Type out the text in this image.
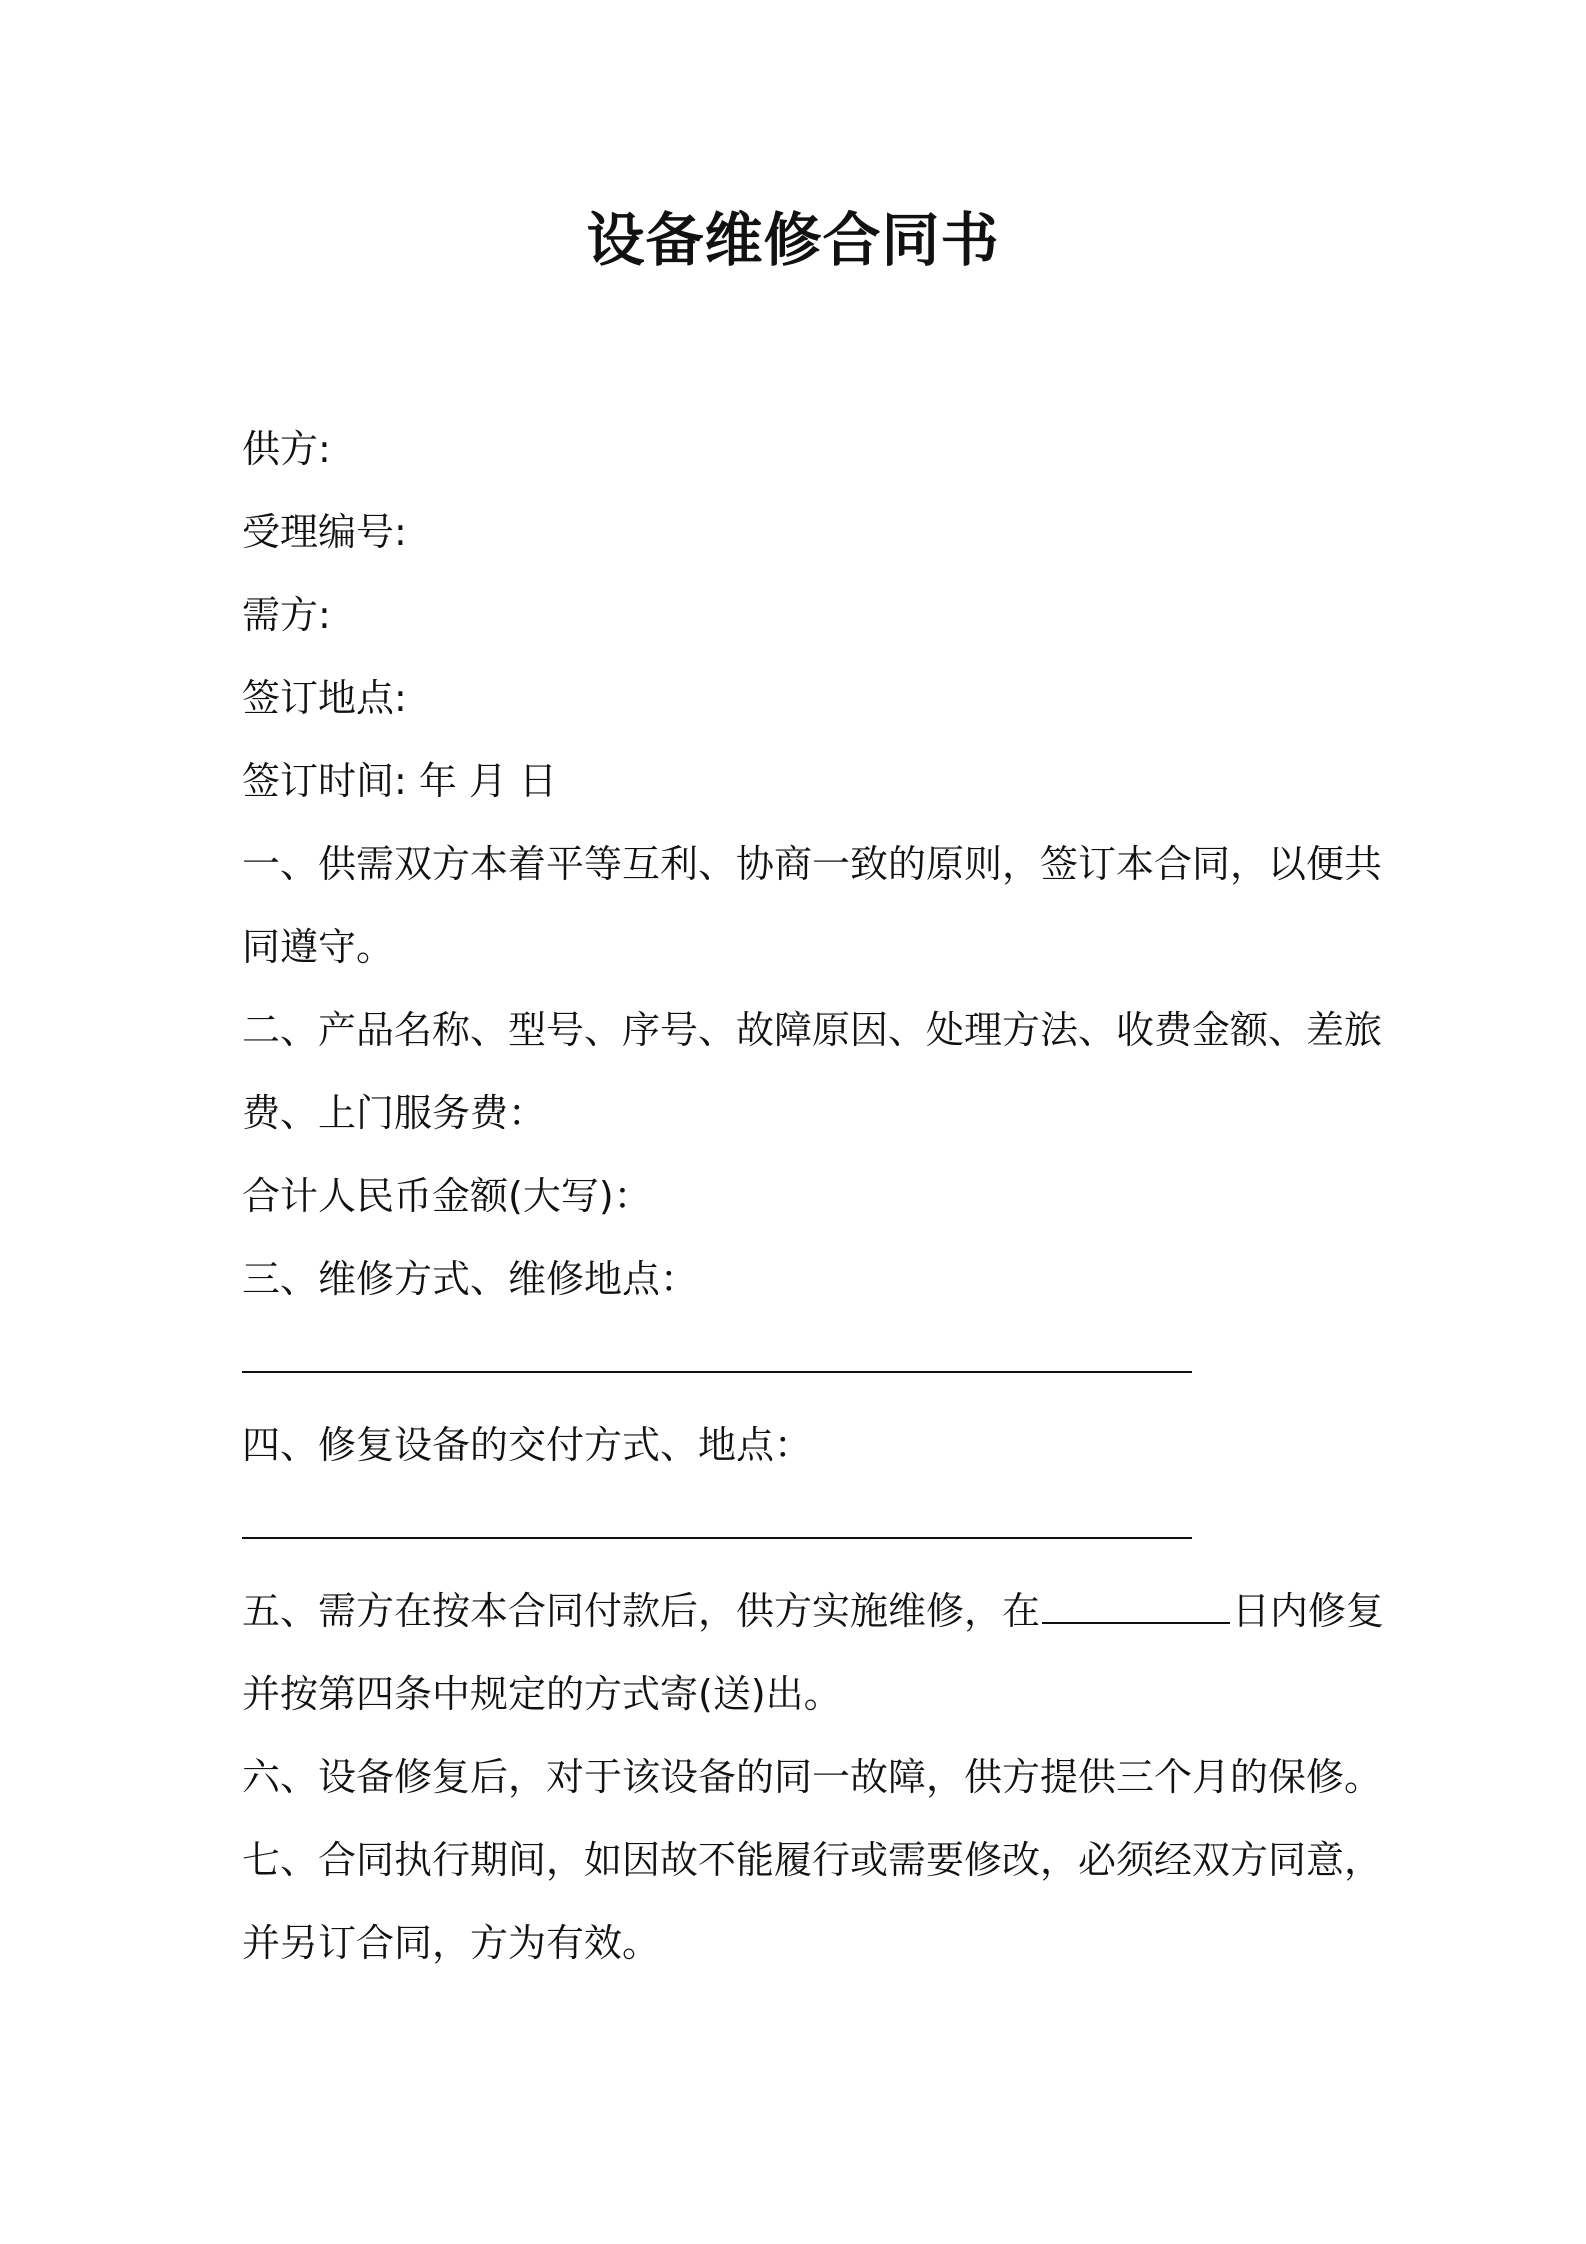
设备维修合同书
供方:
受理编号:
需方:
签订地点:
签订时间: 年 月 日
一、供需双方本着平等互利、协商一致的原则，签订本合同，以便共
同遵守。
二、产品名称、型号、序号、故障原因、处理方法、收费金额、差旅
费、上门服务费：
合计人民币金额(大写)：
三、维修方式、维修地点：
四、修复设备的交付方式、地点：
五、需方在按本合同付款后，供方实施维修，在	日内修复
并按第四条中规定的方式寄(送)出。
六、设备修复后，对于该设备的同一故障，供方提供三个月的保修。
七、合同执行期间，如因故不能履行或需要修改，必须经双方同意，
并另订合同，方为有效。
